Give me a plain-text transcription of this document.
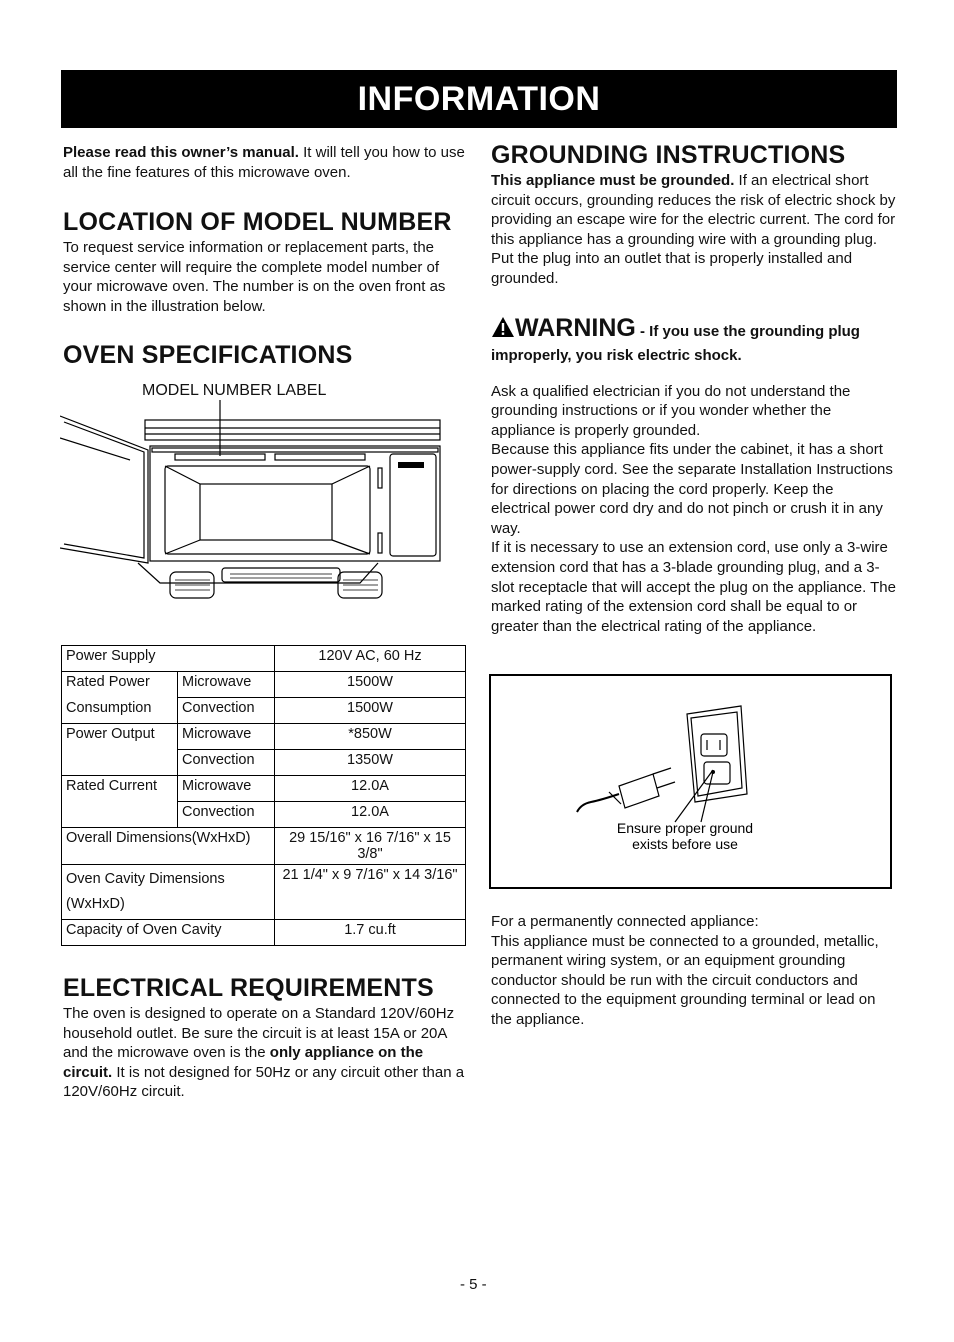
INFORMATION

Please read this owner’s manual. It will tell you how to use all the fine features of this microwave oven.

LOCATION OF MODEL NUMBER

To request service information or replacement parts, the service center will require the complete model number of your microwave oven. The number is on the oven front as shown in the illustration below.

OVEN SPECIFICATIONS
MODEL NUMBER LABEL
Power Supply		120V AC, 60 Hz
Rated Power	Microwave	1500W
Consumption	Convection	1500W
Power Output	Microwave	*850W
	Convection	1350W
Rated Current	Microwave	12.0A
	Convection	12.0A
Overall Dimensions(WxHxD)		29 15/16" x 16 7/16" x 15 3/8"
Oven Cavity Dimensions
(WxHxD)		21 1/4" x 9 7/16" x 14 3/16"
Capacity of Oven Cavity		1.7 cu.ft
ELECTRICAL REQUIREMENTS

The oven is designed to operate on a Standard 120V/60Hz household outlet. Be sure the circuit is at least 15A or 20A and the microwave oven is the only appliance on the circuit. It is not designed for 50Hz or any circuit other than a 120V/60Hz circuit.

GROUNDING INSTRUCTIONS

This appliance must be grounded. If an electrical short circuit occurs, grounding reduces the risk of electric shock by providing an escape wire for the electric current. The cord for this appliance has a grounding wire with a grounding plug. Put the plug into an outlet that is properly installed and grounded.

WARNING - If you use the grounding plug improperly, you risk electric shock.

Ask a qualified electrician if you do not understand the grounding instructions or if you wonder whether the appliance is properly grounded.

Because this appliance fits under the cabinet, it has a short power-supply cord. See the separate Installation Instructions for directions on placing the cord properly. Keep the electrical power cord dry and do not pinch or crush it in any way.

If it is necessary to use an extension cord, use only a 3-wire extension cord that has a 3-blade grounding plug, and a 3-slot receptacle that will accept the plug on the appliance. The marked rating of the extension cord shall be equal to or greater than the electrical rating of the appliance.

Ensure proper ground
exists before use

For a permanently connected appliance:

This appliance must be connected to a grounded, metallic, permanent wiring system, or an equipment grounding conductor should be run with the circuit conductors and connected to the equipment grounding terminal or lead on the appliance.

- 5 -
